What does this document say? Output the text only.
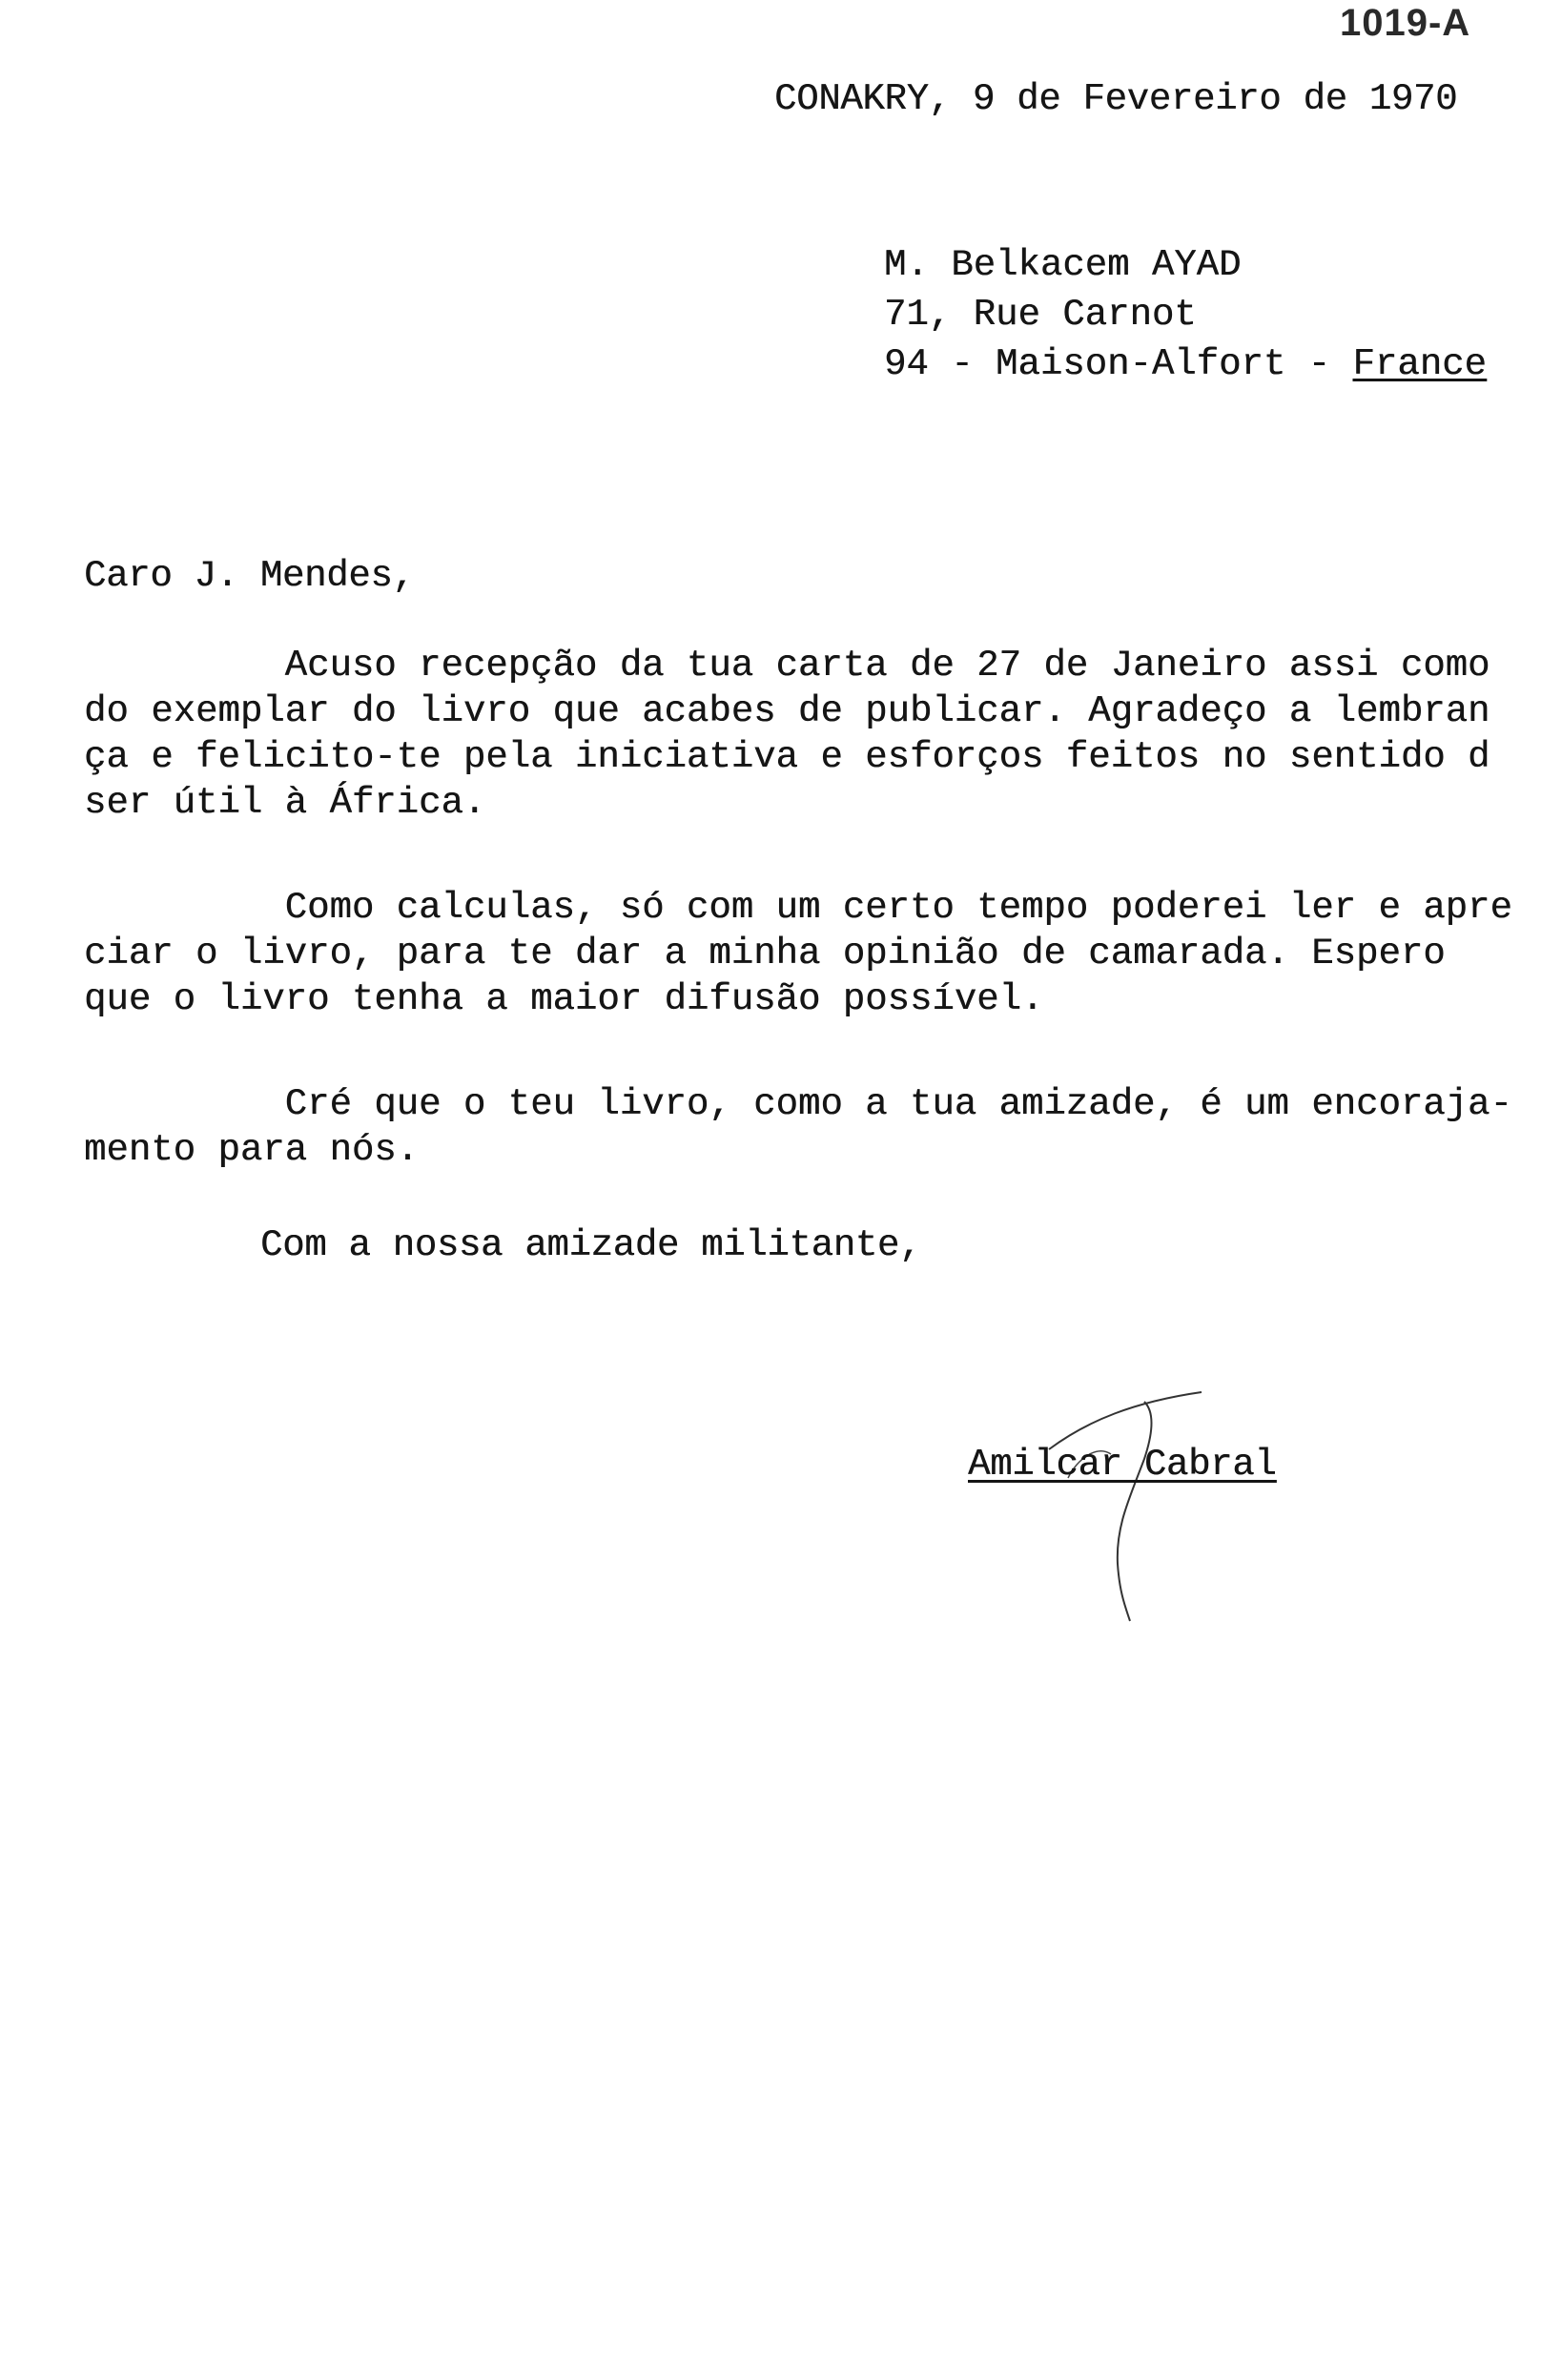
1019-A
CONAKRY, 9 de Fevereiro de 1970
M. Belkacem AYAD
71, Rue Carnot
94 - Maison-Alfort - France
Caro J. Mendes,
Acuso recepção da tua carta de 27 de Janeiro assi como
do exemplar do livro que acabes de publicar. Agradeço a lembran
ça e felicito-te pela iniciativa e esforços feitos no sentido d
ser útil à África.
Como calculas, só com um certo tempo poderei ler e apre
ciar o livro, para te dar a minha opinião de camarada. Espero
que o livro tenha a maior difusão possível.
Cré que o teu livro, como a tua amizade, é um encoraja-
mento para nós.
Com a nossa amizade militante,
Amilcar Cabral
